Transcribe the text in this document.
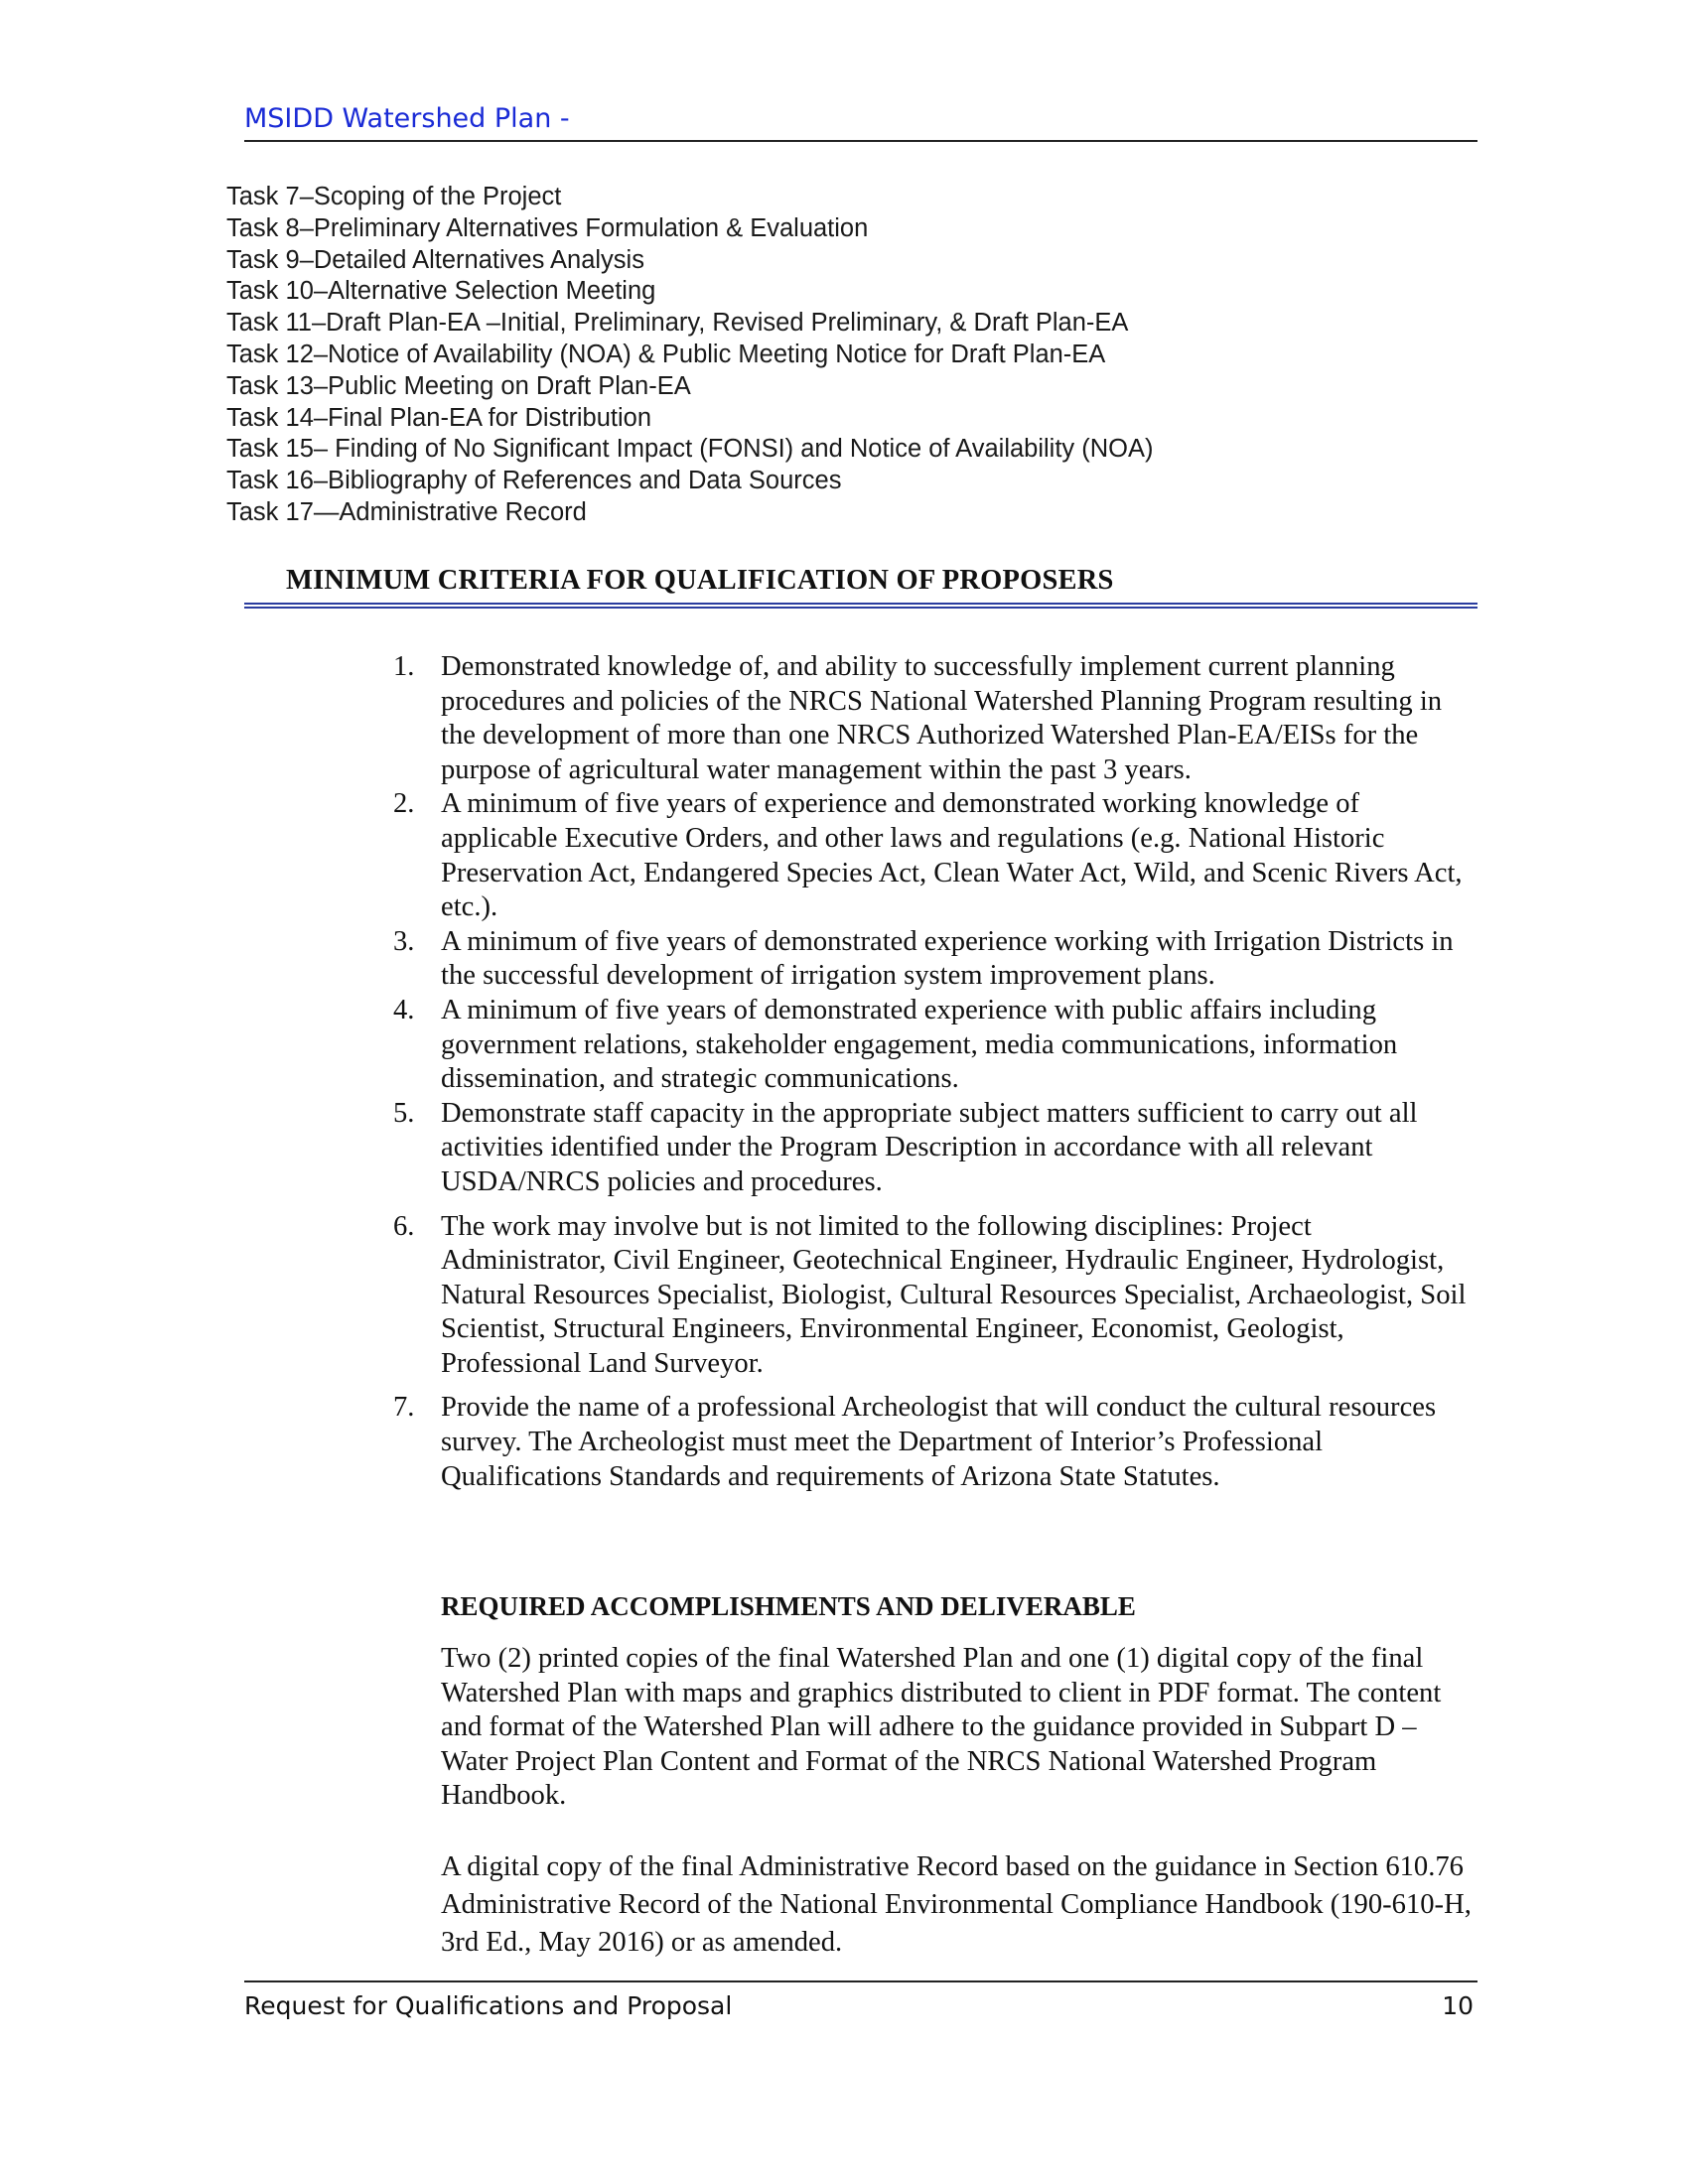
MSIDD Watershed Plan -
Task 7–Scoping of the Project
Task 8–Preliminary Alternatives Formulation & Evaluation
Task 9–Detailed Alternatives Analysis
Task 10–Alternative Selection Meeting
Task 11–Draft Plan-EA –Initial, Preliminary, Revised Preliminary, & Draft Plan-EA
Task 12–Notice of Availability (NOA) & Public Meeting Notice for Draft Plan-EA
Task 13–Public Meeting on Draft Plan-EA
Task 14–Final Plan-EA for Distribution
Task 15– Finding of No Significant Impact (FONSI) and Notice of Availability (NOA)
Task 16–Bibliography of References and Data Sources
Task 17—Administrative Record
MINIMUM CRITERIA FOR QUALIFICATION OF PROPOSERS
1. Demonstrated knowledge of, and ability to successfully implement current planning procedures and policies of the NRCS National Watershed Planning Program resulting in the development of more than one NRCS Authorized Watershed Plan-EA/EISs for the purpose of agricultural water management within the past 3 years.
2. A minimum of five years of experience and demonstrated working knowledge of applicable Executive Orders, and other laws and regulations (e.g. National Historic Preservation Act, Endangered Species Act, Clean Water Act, Wild, and Scenic Rivers Act, etc.).
3. A minimum of five years of demonstrated experience working with Irrigation Districts in the successful development of irrigation system improvement plans.
4. A minimum of five years of demonstrated experience with public affairs including government relations, stakeholder engagement, media communications, information dissemination, and strategic communications.
5. Demonstrate staff capacity in the appropriate subject matters sufficient to carry out all activities identified under the Program Description in accordance with all relevant USDA/NRCS policies and procedures.
6. The work may involve but is not limited to the following disciplines: Project Administrator, Civil Engineer, Geotechnical Engineer, Hydraulic Engineer, Hydrologist, Natural Resources Specialist, Biologist, Cultural Resources Specialist, Archaeologist, Soil Scientist, Structural Engineers, Environmental Engineer, Economist, Geologist, Professional Land Surveyor.
7. Provide the name of a professional Archeologist that will conduct the cultural resources survey. The Archeologist must meet the Department of Interior’s Professional Qualifications Standards and requirements of Arizona State Statutes.
REQUIRED ACCOMPLISHMENTS AND DELIVERABLE

Two (2) printed copies of the final Watershed Plan and one (1) digital copy of the final Watershed Plan with maps and graphics distributed to client in PDF format. The content and format of the Watershed Plan will adhere to the guidance provided in Subpart D – Water Project Plan Content and Format of the NRCS National Watershed Program Handbook.

A digital copy of the final Administrative Record based on the guidance in Section 610.76 Administrative Record of the National Environmental Compliance Handbook (190-610-H, 3rd Ed., May 2016) or as amended.

Request for Qualifications and Proposal	10
